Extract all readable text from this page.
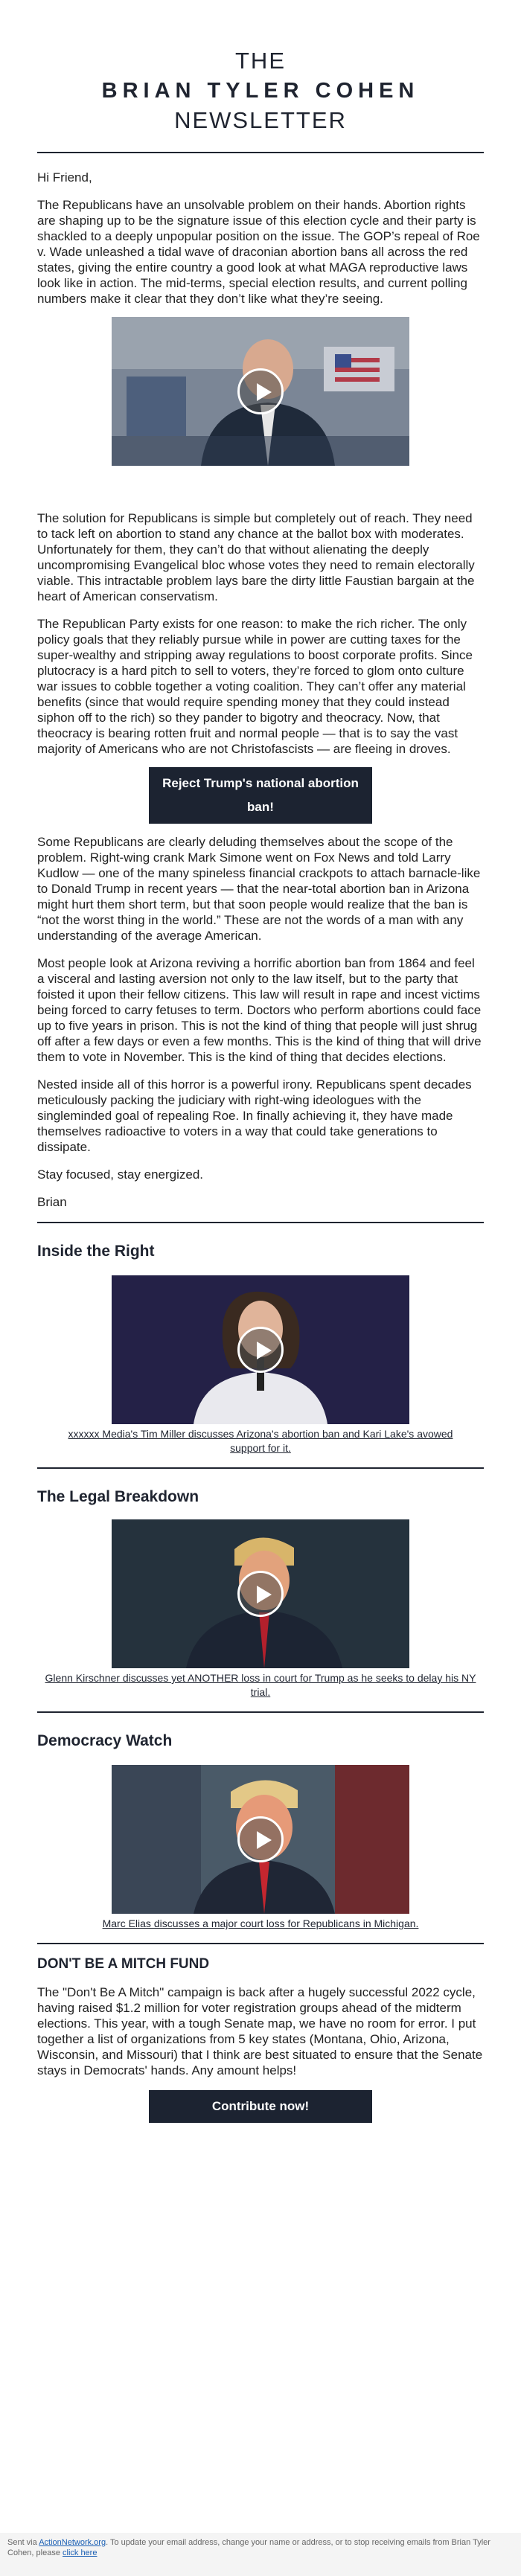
THE
BRIAN TYLER COHEN
NEWSLETTER

Hi Friend,

The Republicans have an unsolvable problem on their hands. Abortion rights are shaping up to be the signature issue of this election cycle and their party is shackled to a deeply unpopular position on the issue. The GOP’s repeal of Roe v. Wade unleashed a tidal wave of draconian abortion bans all across the red states, giving the entire country a good look at what MAGA reproductive laws look like in action. The mid-terms, special election results, and current polling numbers make it clear that they don’t like what they’re seeing.

The solution for Republicans is simple but completely out of reach. They need to tack left on abortion to stand any chance at the ballot box with moderates. Unfortunately for them, they can’t do that without alienating the deeply uncompromising Evangelical bloc whose votes they need to remain electorally viable. This intractable problem lays bare the dirty little Faustian bargain at the heart of American conservatism.

The Republican Party exists for one reason: to make the rich richer. The only policy goals that they reliably pursue while in power are cutting taxes for the super-wealthy and stripping away regulations to boost corporate profits. Since plutocracy is a hard pitch to sell to voters, they’re forced to glom onto culture war issues to cobble together a voting coalition. They can’t offer any material benefits (since that would require spending money that they could instead siphon off to the rich) so they pander to bigotry and theocracy. Now, that theocracy is bearing rotten fruit and normal people — that is to say the vast majority of Americans who are not Christofascists — are fleeing in droves.

Reject Trump's national abortion ban!

Some Republicans are clearly deluding themselves about the scope of the problem. Right-wing crank Mark Simone went on Fox News and told Larry Kudlow — one of the many spineless financial crackpots to attach barnacle-like to Donald Trump in recent years — that the near-total abortion ban in Arizona might hurt them short term, but that soon people would realize that the ban is “not the worst thing in the world.” These are not the words of a man with any understanding of the average American.

Most people look at Arizona reviving a horrific abortion ban from 1864 and feel a visceral and lasting aversion not only to the law itself, but to the party that foisted it upon their fellow citizens. This law will result in rape and incest victims being forced to carry fetuses to term. Doctors who perform abortions could face up to five years in prison. This is not the kind of thing that people will just shrug off after a few days or even a few months. This is the kind of thing that will drive them to vote in November. This is the kind of thing that decides elections.

Nested inside all of this horror is a powerful irony. Republicans spent decades meticulously packing the judiciary with right-wing ideologues with the singleminded goal of repealing Roe. In finally achieving it, they have made themselves radioactive to voters in a way that could take generations to dissipate.

Stay focused, stay energized.

Brian

Inside the Right
xxxxxx Media's Tim Miller discusses Arizona's abortion ban and Kari Lake's avowed support for it.
The Legal Breakdown
Glenn Kirschner discusses yet ANOTHER loss in court for Trump as he seeks to delay his NY trial.
Democracy Watch
Marc Elias discusses a major court loss for Republicans in Michigan.
DON'T BE A MITCH FUND

The "Don't Be A Mitch" campaign is back after a hugely successful 2022 cycle, having raised $1.2 million for voter registration groups ahead of the midterm elections. This year, with a tough Senate map, we have no room for error. I put together a list of organizations from 5 key states (Montana, Ohio, Arizona, Wisconsin, and Missouri) that I think are best situated to ensure that the Senate stays in Democrats' hands. Any amount helps!

Contribute now!
Sent via ActionNetwork.org. To update your email address, change your name or address, or to stop receiving emails from Brian Tyler Cohen, please click here
